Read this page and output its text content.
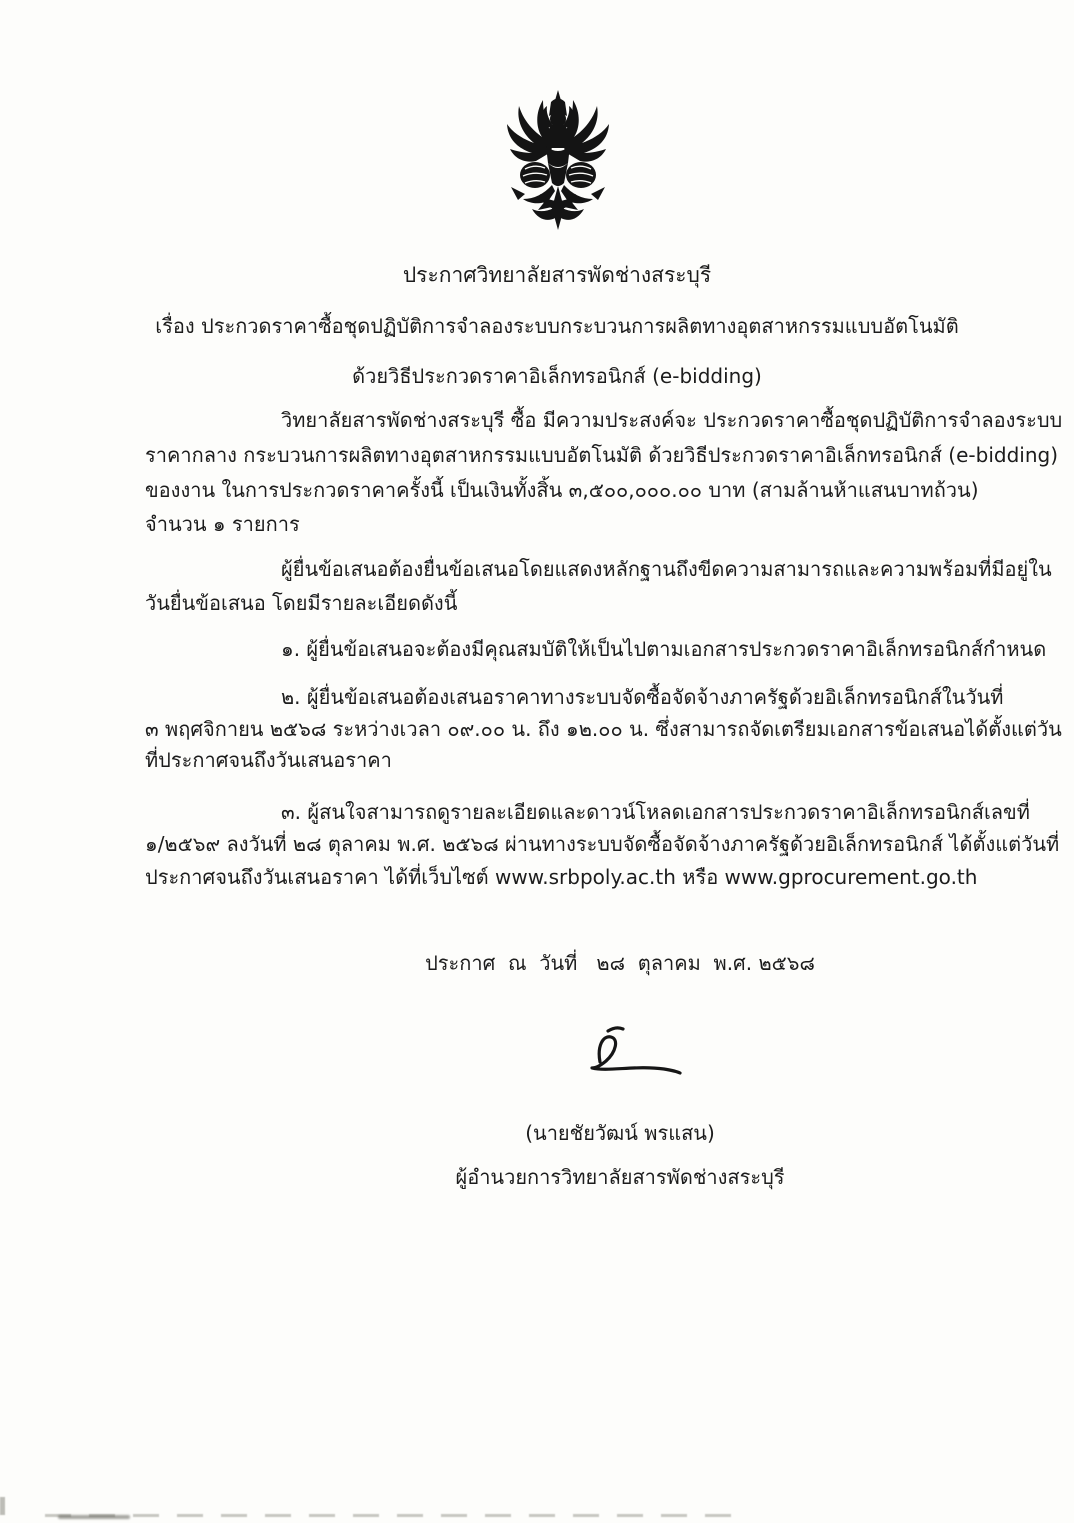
ประกาศวิทยาลัยสารพัดช่างสระบุรี
เรื่อง ประกวดราคาซื้อชุดปฏิบัติการจำลองระบบกระบวนการผลิตทางอุตสาหกรรมแบบอัตโนมัติ
ด้วยวิธีประกวดราคาอิเล็กทรอนิกส์ (e-bidding)
วิทยาลัยสารพัดช่างสระบุรี ซื้อ มีความประสงค์จะ ประกวดราคาซื้อชุดปฏิบัติการจำลองระบบ
ราคากลาง กระบวนการผลิตทางอุตสาหกรรมแบบอัตโนมัติ ด้วยวิธีประกวดราคาอิเล็กทรอนิกส์ (e-bidding)
ของงาน ในการประกวดราคาครั้งนี้ เป็นเงินทั้งสิ้น ๓,๕๐๐,๐๐๐.๐๐ บาท (สามล้านห้าแสนบาทถ้วน)
จำนวน ๑ รายการ
ผู้ยื่นข้อเสนอต้องยื่นข้อเสนอโดยแสดงหลักฐานถึงขีดความสามารถและความพร้อมที่มีอยู่ใน
วันยื่นข้อเสนอ โดยมีรายละเอียดดังนี้
๑. ผู้ยื่นข้อเสนอจะต้องมีคุณสมบัติให้เป็นไปตามเอกสารประกวดราคาอิเล็กทรอนิกส์กำหนด
๒. ผู้ยื่นข้อเสนอต้องเสนอราคาทางระบบจัดซื้อจัดจ้างภาครัฐด้วยอิเล็กทรอนิกส์ในวันที่
๓ พฤศจิกายน ๒๕๖๘ ระหว่างเวลา ๐๙.๐๐ น. ถึง ๑๒.๐๐ น. ซึ่งสามารถจัดเตรียมเอกสารข้อเสนอได้ตั้งแต่วัน
ที่ประกาศจนถึงวันเสนอราคา
๓. ผู้สนใจสามารถดูรายละเอียดและดาวน์โหลดเอกสารประกวดราคาอิเล็กทรอนิกส์เลขที่
๑/๒๕๖๙ ลงวันที่ ๒๘ ตุลาคม พ.ศ. ๒๕๖๘ ผ่านทางระบบจัดซื้อจัดจ้างภาครัฐด้วยอิเล็กทรอนิกส์ ได้ตั้งแต่วันที่
ประกาศจนถึงวันเสนอราคา ได้ที่เว็บไซต์ www.srbpoly.ac.th หรือ www.gprocurement.go.th
ประกาศ  ณ  วันที่   ๒๘  ตุลาคม  พ.ศ. ๒๕๖๘
(นายชัยวัฒน์ พรแสน)
ผู้อำนวยการวิทยาลัยสารพัดช่างสระบุรี
